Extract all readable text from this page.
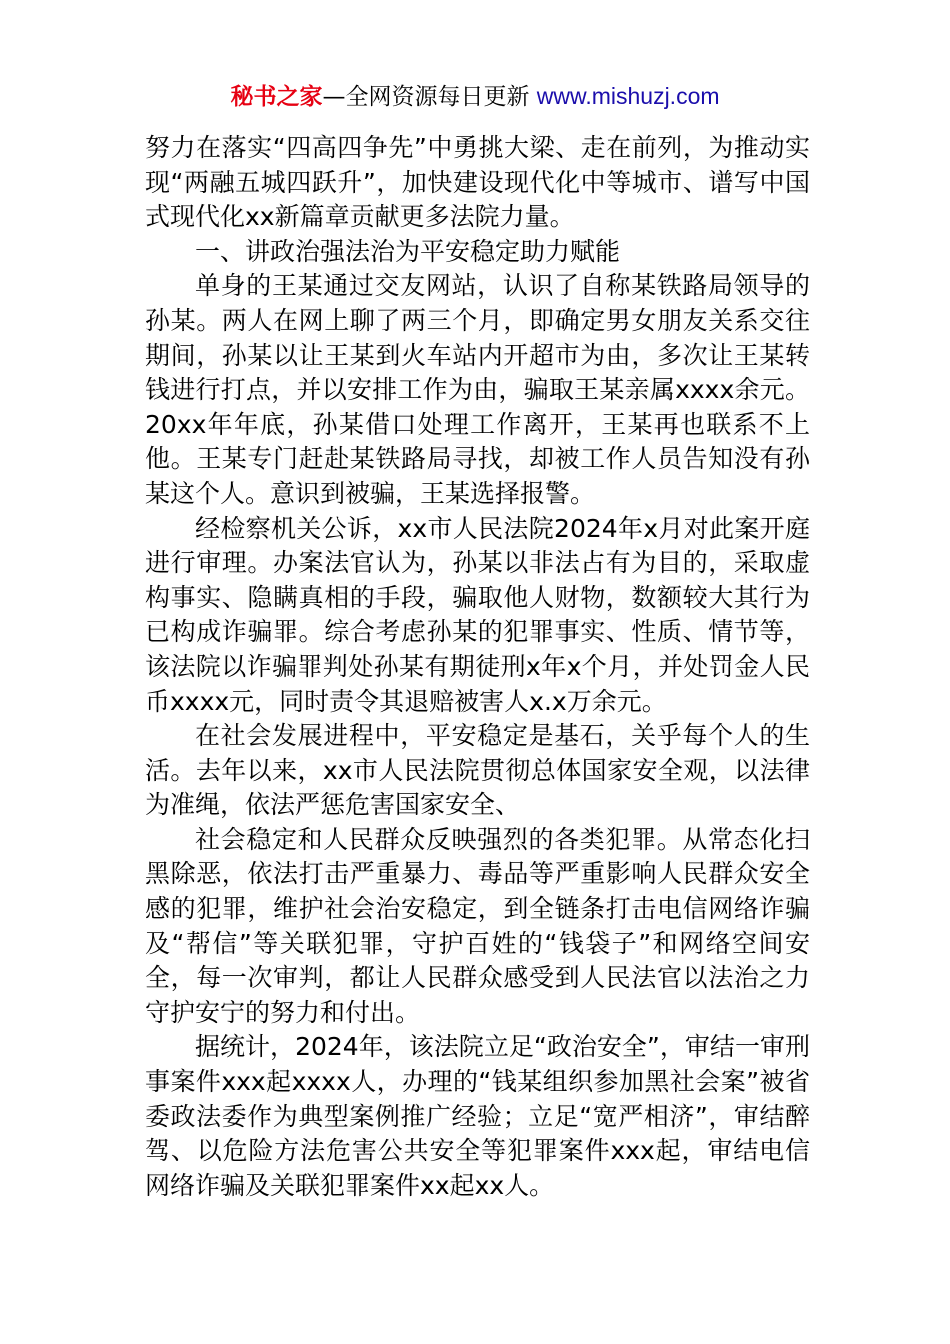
秘书之家—全网资源每日更新 www.mishuzj.com

努力在落实“四高四争先”中勇挑大梁、走在前列，为推动实现“两融五城四跃升”，加快建设现代化中等城市、谱写中国式现代化xx新篇章贡献更多法院力量。

一、讲政治强法治为平安稳定助力赋能

单身的王某通过交友网站，认识了自称某铁路局领导的孙某。两人在网上聊了两三个月，即确定男女朋友关系交往期间，孙某以让王某到火车站内开超市为由，多次让王某转钱进行打点，并以安排工作为由，骗取王某亲属xxxx余元。20xx年年底，孙某借口处理工作离开，王某再也联系不上他。王某专门赶赴某铁路局寻找，却被工作人员告知没有孙某这个人。意识到被骗，王某选择报警。

经检察机关公诉，xx市人民法院2024年x月对此案开庭进行审理。办案法官认为，孙某以非法占有为目的，采取虚构事实、隐瞒真相的手段，骗取他人财物，数额较大其行为已构成诈骗罪。综合考虑孙某的犯罪事实、性质、情节等，该法院以诈骗罪判处孙某有期徒刑x年x个月，并处罚金人民币xxxx元，同时责令其退赔被害人x.x万余元。

在社会发展进程中，平安稳定是基石，关乎每个人的生活。去年以来，xx市人民法院贯彻总体国家安全观，以法律为准绳，依法严惩危害国家安全、

社会稳定和人民群众反映强烈的各类犯罪。从常态化扫黑除恶，依法打击严重暴力、毒品等严重影响人民群众安全感的犯罪，维护社会治安稳定，到全链条打击电信网络诈骗及“帮信”等关联犯罪，守护百姓的“钱袋子”和网络空间安全，每一次审判，都让人民群众感受到人民法官以法治之力守护安宁的努力和付出。

据统计，2024年，该法院立足“政治安全”，审结一审刑事案件xxx起xxxx人，办理的“钱某组织参加黑社会案”被省委政法委作为典型案例推广经验；立足“宽严相济”，审结醉驾、以危险方法危害公共安全等犯罪案件xxx起，审结电信网络诈骗及关联犯罪案件xx起xx人。
